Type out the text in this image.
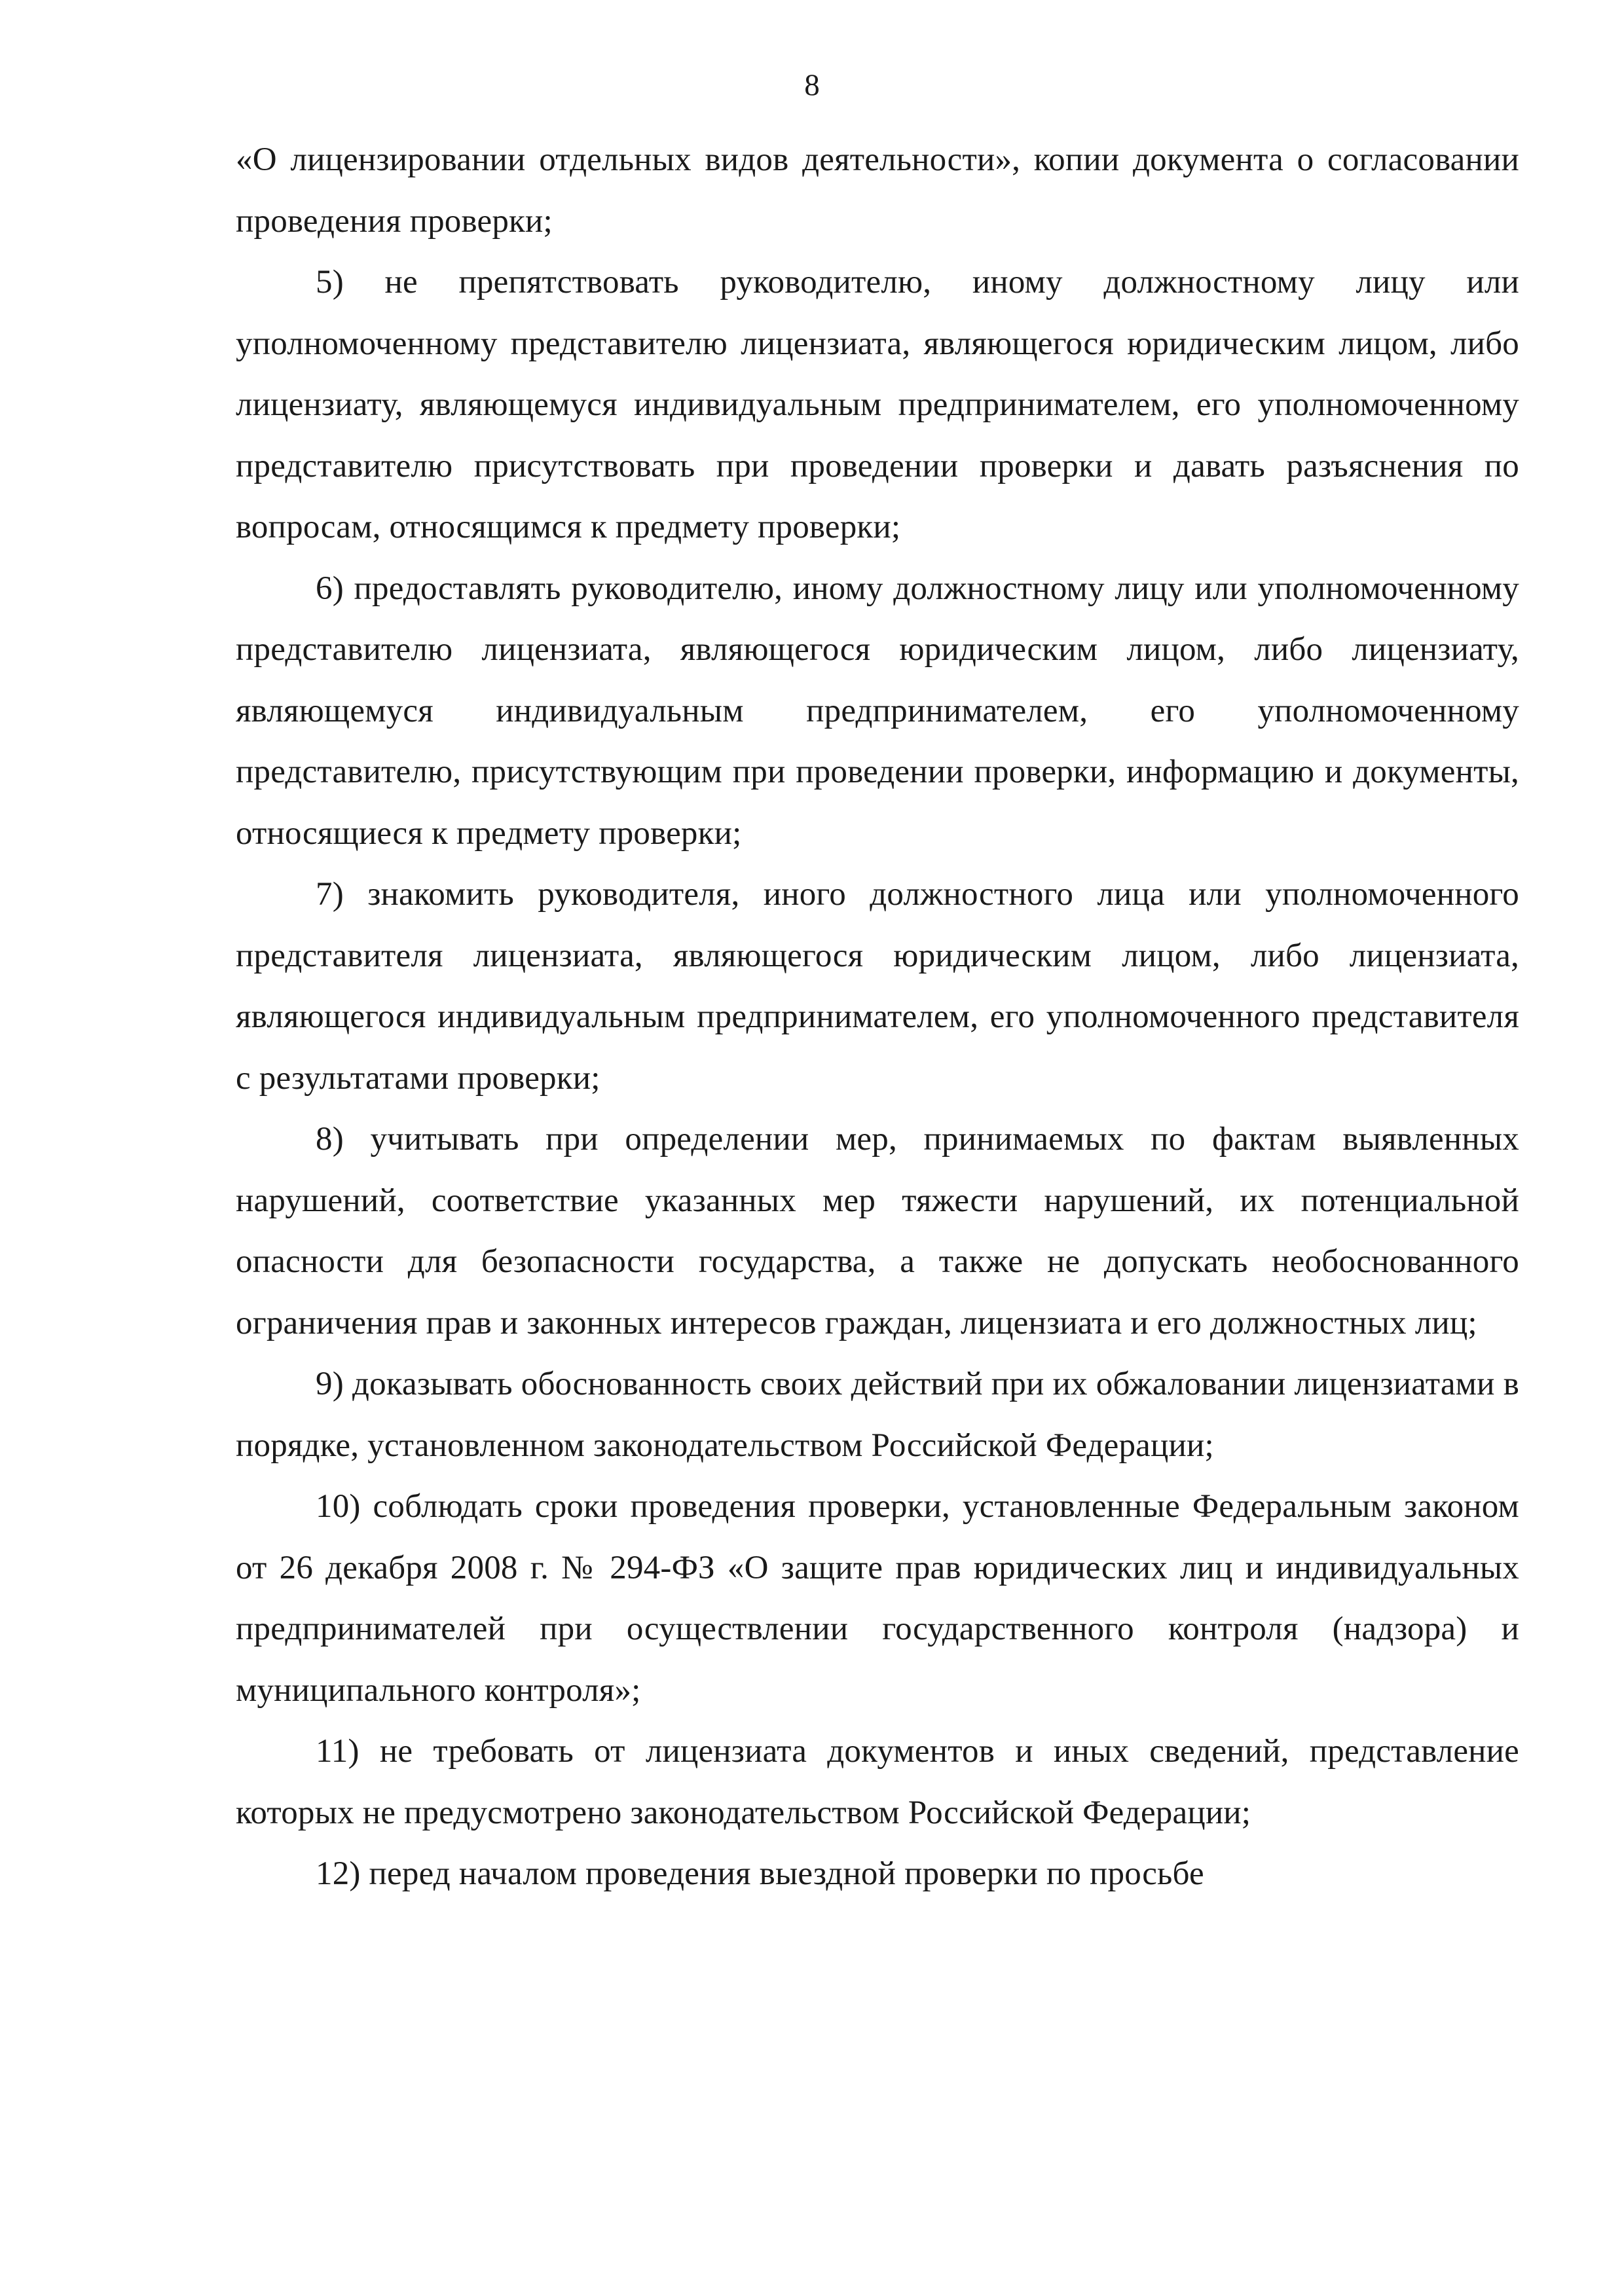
8

«О лицензировании отдельных видов деятельности», копии документа о согласовании проведения проверки;

5) не препятствовать руководителю, иному должностному лицу или уполномоченному представителю лицензиата, являющегося юридическим лицом, либо лицензиату, являющемуся индивидуальным предпринимателем, его уполномоченному представителю присутствовать при проведении проверки и давать разъяснения по вопросам, относящимся к предмету проверки;

6) предоставлять руководителю, иному должностному лицу или уполномоченному представителю лицензиата, являющегося юридическим лицом, либо лицензиату, являющемуся индивидуальным предпринимателем, его уполномоченному представителю, присутствующим при проведении проверки, информацию и документы, относящиеся к предмету проверки;

7) знакомить руководителя, иного должностного лица или уполномоченного представителя лицензиата, являющегося юридическим лицом, либо лицензиата, являющегося индивидуальным предпринимателем, его уполномоченного представителя с результатами проверки;

8) учитывать при определении мер, принимаемых по фактам выявленных нарушений, соответствие указанных мер тяжести нарушений, их потенциальной опасности для безопасности государства, а также не допускать необоснованного ограничения прав и законных интересов граждан, лицензиата и его должностных лиц;

9) доказывать обоснованность своих действий при их обжаловании лицензиатами в порядке, установленном законодательством Российской Федерации;

10) соблюдать сроки проведения проверки, установленные Федеральным законом от 26 декабря 2008 г. № 294-ФЗ «О защите прав юридических лиц и индивидуальных предпринимателей при осуществлении государственного контроля (надзора) и муниципального контроля»;

11) не требовать от лицензиата документов и иных сведений, представление которых не предусмотрено законодательством Российской Федерации;

12) перед началом проведения выездной проверки по просьбе
